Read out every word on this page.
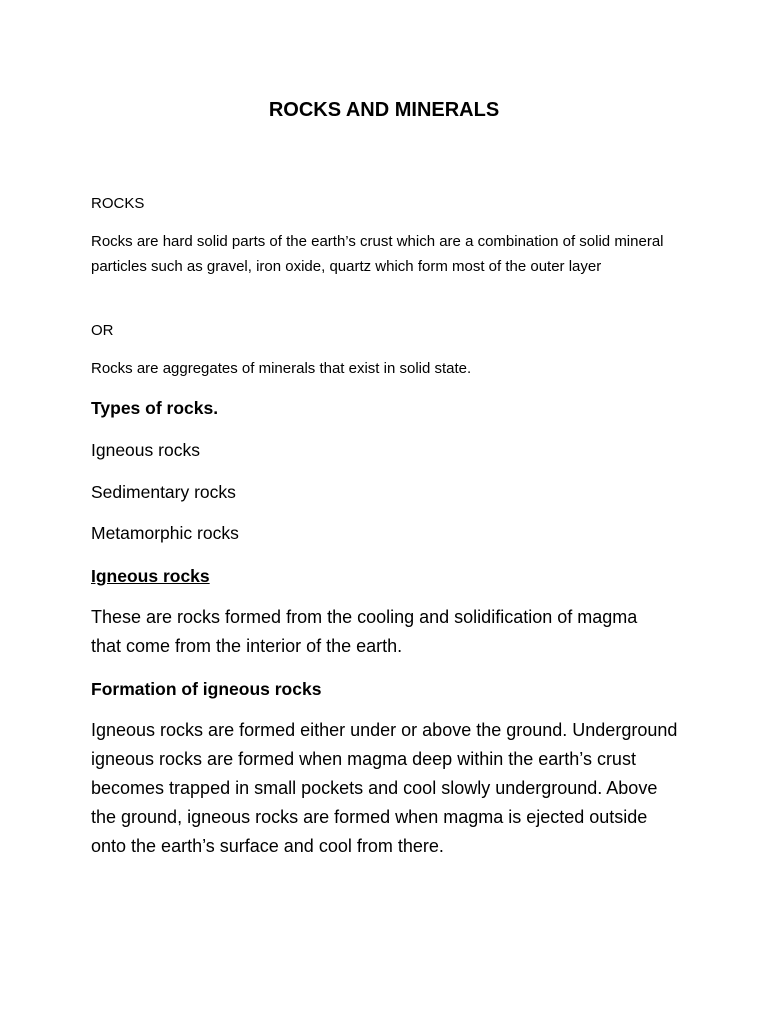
ROCKS AND MINERALS

ROCKS

Rocks are hard solid parts of the earth’s crust which are a combination of solid mineral particles such as gravel, iron oxide, quartz which form most of the outer layer

OR

Rocks are aggregates of minerals that exist in solid state.

Types of rocks.

Igneous rocks

Sedimentary rocks

Metamorphic rocks

Igneous rocks

These are rocks formed from the cooling and solidification of magma that come from the interior of the earth.

Formation of igneous rocks

Igneous rocks are formed either under or above the ground. Underground igneous rocks are formed when magma deep within the earth’s crust becomes trapped in small pockets and cool slowly underground. Above the ground, igneous rocks are formed when magma is ejected outside onto the earth’s surface and cool from there.
